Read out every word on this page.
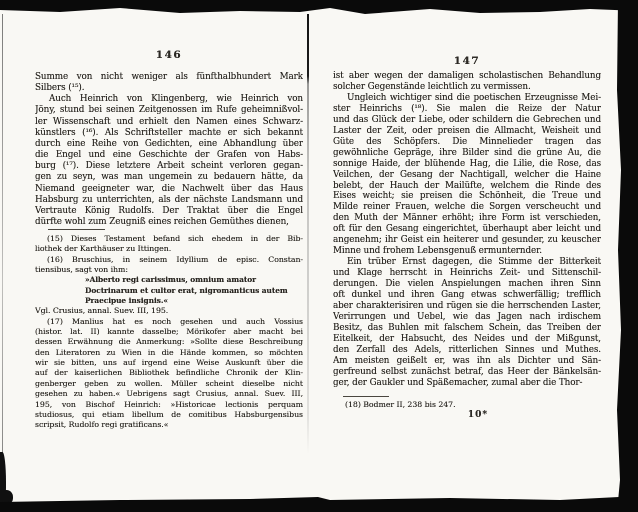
146
Summe von nicht weniger als fünfthalbhundert Mark
Silbers (¹⁵).
Auch Heinrich von Klingenberg, wie Heinrich von
Jöny, stund bei seinen Zeitgenossen im Rufe geheimnißvol-
ler Wissenschaft und erhielt den Namen eines Schwarz-
künstlers (¹⁶). Als Schriftsteller machte er sich bekannt
durch eine Reihe von Gedichten, eine Abhandlung über
die Engel und eine Geschichte der Grafen von Habs-
burg (¹⁷). Diese letztere Arbeit scheint verloren gegan-
gen zu seyn, was man ungemein zu bedauern hätte, da
Niemand geeigneter war, die Nachwelt über das Haus
Habsburg zu unterrichten, als der nächste Landsmann und
Vertraute König Rudolfs. Der Traktat über die Engel
dürfte wohl zum Zeugniß eines reichen Gemüthes dienen,
(15) Dieses Testament befand sich ehedem in der Bib-
liothek der Karthäuser zu Ittingen.
(16) Bruschius, in seinem Idyllium de episc. Constan-
tiensibus, sagt von ihm:
»Alberto regi carissimus, omnium amator
Doctrinarum et cultor erat, nigromanticus autem
Praecipue insignis.«
Vgl. Crusius, annal. Suev. III, 195.
(17) Manlius hat es noch gesehen und auch Vossius
(histor. lat. II) kannte dasselbe; Mörikofer aber macht bei
dessen Erwähnung die Anmerkung: »Sollte diese Beschreibung
den Literatoren zu Wien in die Hände kommen, so möchten
wir sie bitten, uns auf irgend eine Weise Auskunft über die
auf der kaiserlichen Bibliothek befindliche Chronik der Klin-
genberger geben zu wollen. Müller scheint dieselbe nicht
gesehen zu haben.« Uebrigens sagt Crusius, annal. Suev. III,
195, von Bischof Heinrich: »Historicae lectionis perquam
studiosus, qui etiam libellum de comitibus Habsburgensibus
scripsit, Rudolfo regi gratificans.«
147
ist aber wegen der damaligen scholastischen Behandlung
solcher Gegenstände leichtlich zu vermissen.
Ungleich wichtiger sind die poetischen Erzeugnisse Mei-
ster Heinrichs (¹⁸). Sie malen die Reize der Natur
und das Glück der Liebe, oder schildern die Gebrechen und
Laster der Zeit, oder preisen die Allmacht, Weisheit und
Güte des Schöpfers. Die Minnelieder tragen das
gewöhnliche Gepräge, ihre Bilder sind die grüne Au, die
sonnige Haide, der blühende Hag, die Lilie, die Rose, das
Veilchen, der Gesang der Nachtigall, welcher die Haine
belebt, der Hauch der Mailüfte, welchem die Rinde des
Eises weicht; sie preisen die Schönheit, die Treue und
Milde reiner Frauen, welche die Sorgen verscheucht und
den Muth der Männer erhöht; ihre Form ist verschieden,
oft für den Gesang eingerichtet, überhaupt aber leicht und
angenehm; ihr Geist ein heiterer und gesunder, zu keuscher
Minne und frohem Lebensgenuß ermunternder.
Ein trüber Ernst dagegen, die Stimme der Bitterkeit
und Klage herrscht in Heinrichs Zeit- und Sittenschil-
derungen. Die vielen Anspielungen machen ihren Sinn
oft dunkel und ihren Gang etwas schwerfällig; trefflich
aber charakterisiren und rügen sie die herrschenden Laster,
Verirrungen und Uebel, wie das Jagen nach irdischem
Besitz, das Buhlen mit falschem Schein, das Treiben der
Eitelkeit, der Habsucht, des Neides und der Mißgunst,
den Zerfall des Adels, ritterlichen Sinnes und Muthes.
Am meisten geißelt er, was ihn als Dichter und Sän-
gerfreund selbst zunächst betraf, das Heer der Bänkelsän-
ger, der Gaukler und Späßemacher, zumal aber die Thor-
(18) Bodmer II, 238 bis 247.
10*
